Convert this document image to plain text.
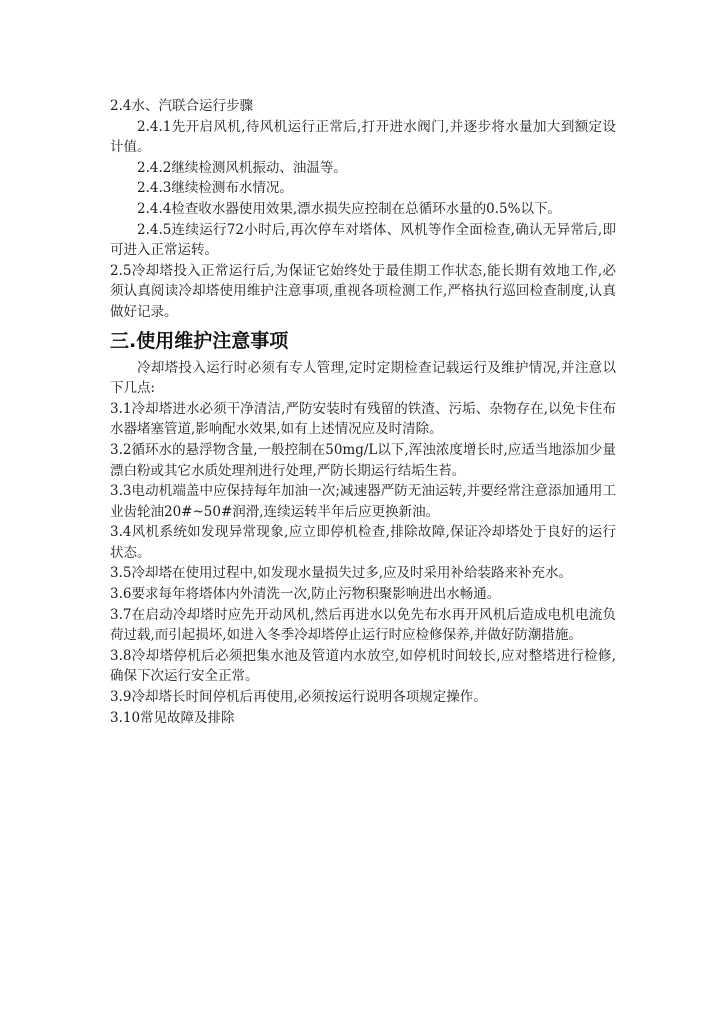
2.4水、汽联合运行步骤

2.4.1先开启风机,待风机运行正常后,打开进水阀门,并逐步将水量加大到额定设计值。

2.4.2继续检测风机振动、油温等。

2.4.3继续检测布水情况。

2.4.4检查收水器使用效果,漂水损失应控制在总循环水量的0.5%以下。

2.4.5连续运行72小时后,再次停车对塔体、风机等作全面检查,确认无异常后,即可进入正常运转。

2.5冷却塔投入正常运行后,为保证它始终处于最佳期工作状态,能长期有效地工作,必须认真阅读冷却塔使用维护注意事项,重视各项检测工作,严格执行巡回检查制度,认真做好记录。

三.使用维护注意事项

冷却塔投入运行时必须有专人管理,定时定期检查记载运行及维护情况,并注意以下几点:

3.1冷却塔进水必须干净清洁,严防安装时有残留的铁渣、污垢、杂物存在,以免卡住布水器堵塞管道,影响配水效果,如有上述情况应及时清除。

3.2循环水的悬浮物含量,一般控制在50mg/L以下,浑浊浓度增长时,应适当地添加少量漂白粉或其它水质处理剂进行处理,严防长期运行结垢生苔。

3.3电动机端盖中应保持每年加油一次;减速器严防无油运转,并要经常注意添加通用工业齿轮油20#~50#润滑,连续运转半年后应更换新油。

3.4风机系统如发现异常现象,应立即停机检查,排除故障,保证冷却塔处于良好的运行状态。

3.5冷却塔在使用过程中,如发现水量损失过多,应及时采用补给装路来补充水。

3.6要求每年将塔体内外清洗一次,防止污物积聚影响进出水畅通。

3.7在启动冷却塔时应先开动风机,然后再进水以免先布水再开风机后造成电机电流负荷过载,而引起损坏,如进入冬季冷却塔停止运行时应检修保养,并做好防潮措施。

3.8冷却塔停机后必须把集水池及管道内水放空,如停机时间较长,应对整塔进行检修,确保下次运行安全正常。

3.9冷却塔长时间停机后再使用,必须按运行说明各项规定操作。

3.10常见故障及排除
